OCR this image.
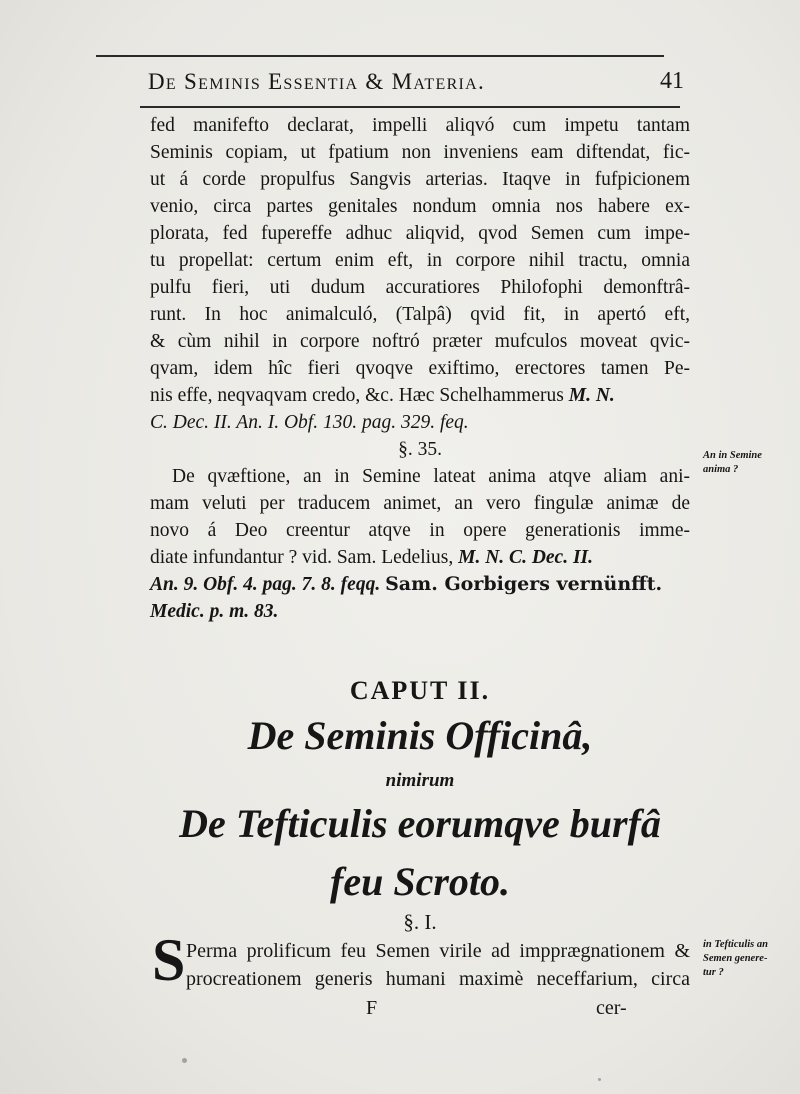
De Seminis Essentia & Materia.	41
fed manifefto declarat, impelli aliqvó cum impetu tantam
Seminis copiam, ut fpatium non inveniens eam diftendat, fic-
ut á corde propulfus Sangvis arterias. Itaqve in fufpicionem
venio, circa partes genitales nondum omnia nos habere ex-
plorata, fed fupereffe adhuc aliqvid, qvod Semen cum impe-
tu propellat: certum enim eft, in corpore nihil tractu, omnia
pulfu fieri, uti dudum accuratiores Philofophi demonftrâ-
runt. In hoc animalculó, (Talpâ) qvid fit, in apertó eft,
& cùm nihil in corpore noftró præter mufculos moveat qvic-
qvam, idem hîc fieri qvoqve exiftimo, erectores tamen Pe-
nis effe, neqvaqvam credo, &c. Hæc Schelhammerus M. N.
C. Dec. II. An. I. Obf. 130. pag. 329. feq.
§. 35.
De qvæftione, an in Semine lateat anima atqve aliam ani-
mam veluti per traducem animet, an vero fingulæ animæ de
novo á Deo creentur atqve in opere generationis imme-
diate infundantur ? vid. Sam. Ledelius, M. N. C. Dec. II.
An. 9. Obf. 4. pag. 7. 8. feqq. Sam. Gorbigers vernünfft.
Medic. p. m. 83.
An in Semine
anima ?
CAPUT II.
De Seminis Officinâ,
nimirum
De Tefticulis eorumqve burfâ
feu Scroto.
§. I.
S Perma prolificum feu Semen virile ad impprægnationem &
procreationem generis humani maximè neceffarium, circa
in Tefticulis an
Semen genere-
tur ?
F	cer-
